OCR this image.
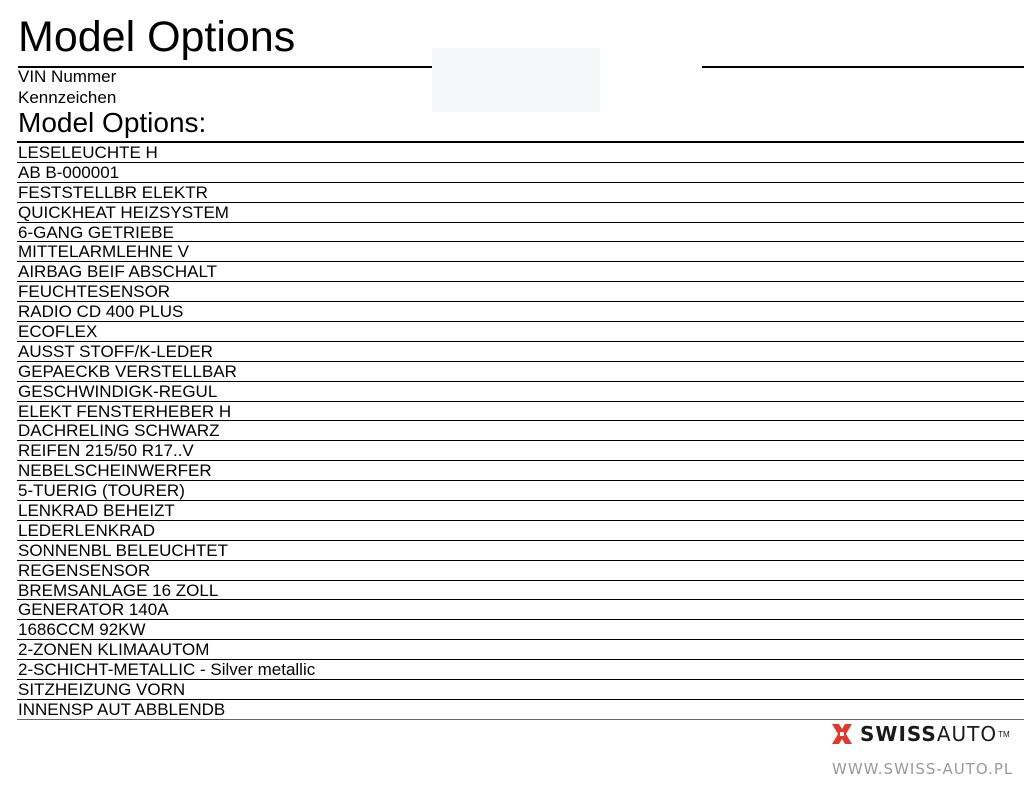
Model Options
VIN Nummer
Kennzeichen
Model Options:
LESELEUCHTE H
AB B-000001
FESTSTELLBR ELEKTR
QUICKHEAT HEIZSYSTEM
6-GANG GETRIEBE
MITTELARMLEHNE V
AIRBAG BEIF ABSCHALT
FEUCHTESENSOR
RADIO CD 400 PLUS
ECOFLEX
AUSST STOFF/K-LEDER
GEPAECKB VERSTELLBAR
GESCHWINDIGK-REGUL
ELEKT FENSTERHEBER H
DACHRELING SCHWARZ
REIFEN 215/50 R17..V
NEBELSCHEINWERFER
5-TUERIG (TOURER)
LENKRAD BEHEIZT
LEDERLENKRAD
SONNENBL BELEUCHTET
REGENSENSOR
BREMSANLAGE 16 ZOLL
GENERATOR 140A
1686CCM 92KW
2-ZONEN KLIMAAUTOM
2-SCHICHT-METALLIC - Silver metallic
SITZHEIZUNG VORN
INNENSP AUT ABBLENDB
SWISSAUTO TM
WWW.SWISS-AUTO.PL
